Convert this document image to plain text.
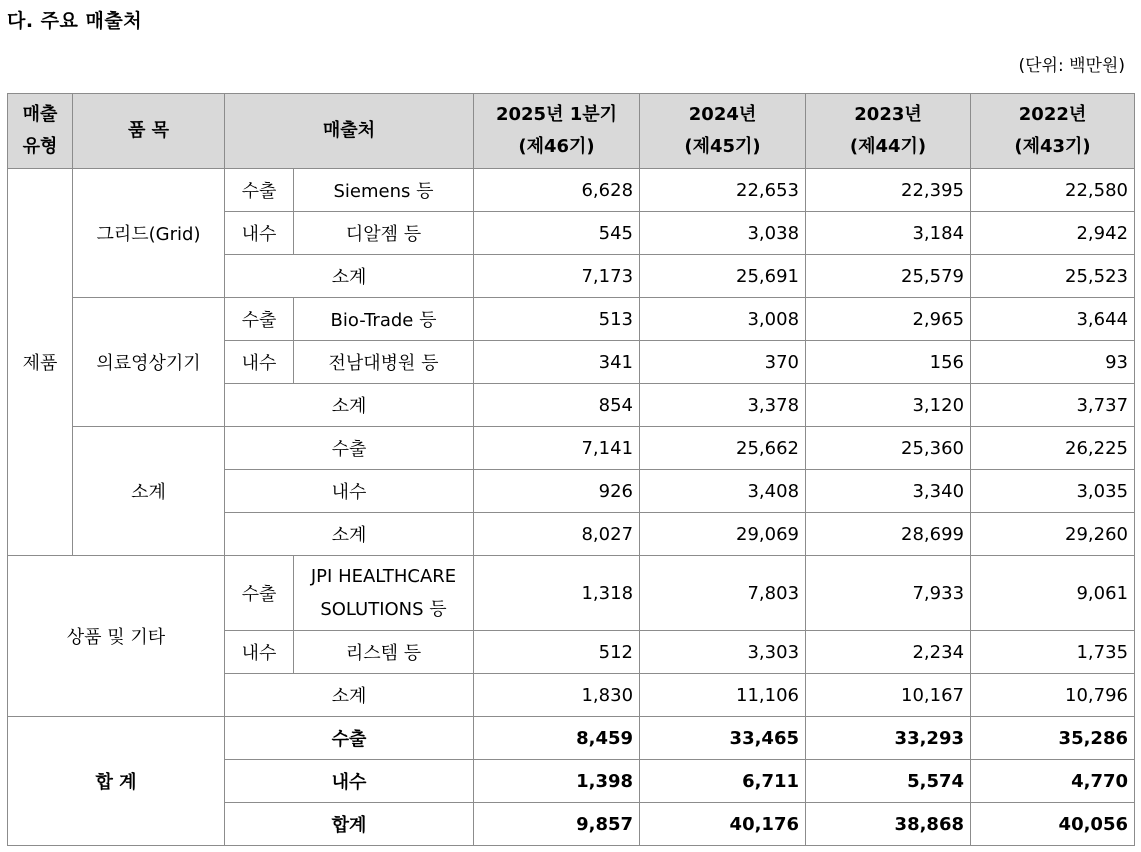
다. 주요 매출처
(단위: 백만원)
매출
유형	품 목	매출처		2025년 1분기
(제46기)	2024년
(제45기)	2023년
(제44기)	2022년
(제43기)
제품	그리드(Grid)	수출	Siemens 등	6,628	22,653	22,395	22,580
		내수	디알젬 등	545	3,038	3,184	2,942
		소계		7,173	25,691	25,579	25,523
	의료영상기기	수출	Bio-Trade 등	513	3,008	2,965	3,644
		내수	전남대병원 등	341	370	156	93
		소계		854	3,378	3,120	3,737
	소계	수출		7,141	25,662	25,360	26,225
		내수		926	3,408	3,340	3,035
		소계		8,027	29,069	28,699	29,260
상품 및 기타		수출	JPI HEALTHCARE
SOLUTIONS 등	1,318	7,803	7,933	9,061
		내수	리스템 등	512	3,303	2,234	1,735
		소계		1,830	11,106	10,167	10,796
합 계		수출		8,459	33,465	33,293	35,286
		내수		1,398	6,711	5,574	4,770
		합계		9,857	40,176	38,868	40,056
